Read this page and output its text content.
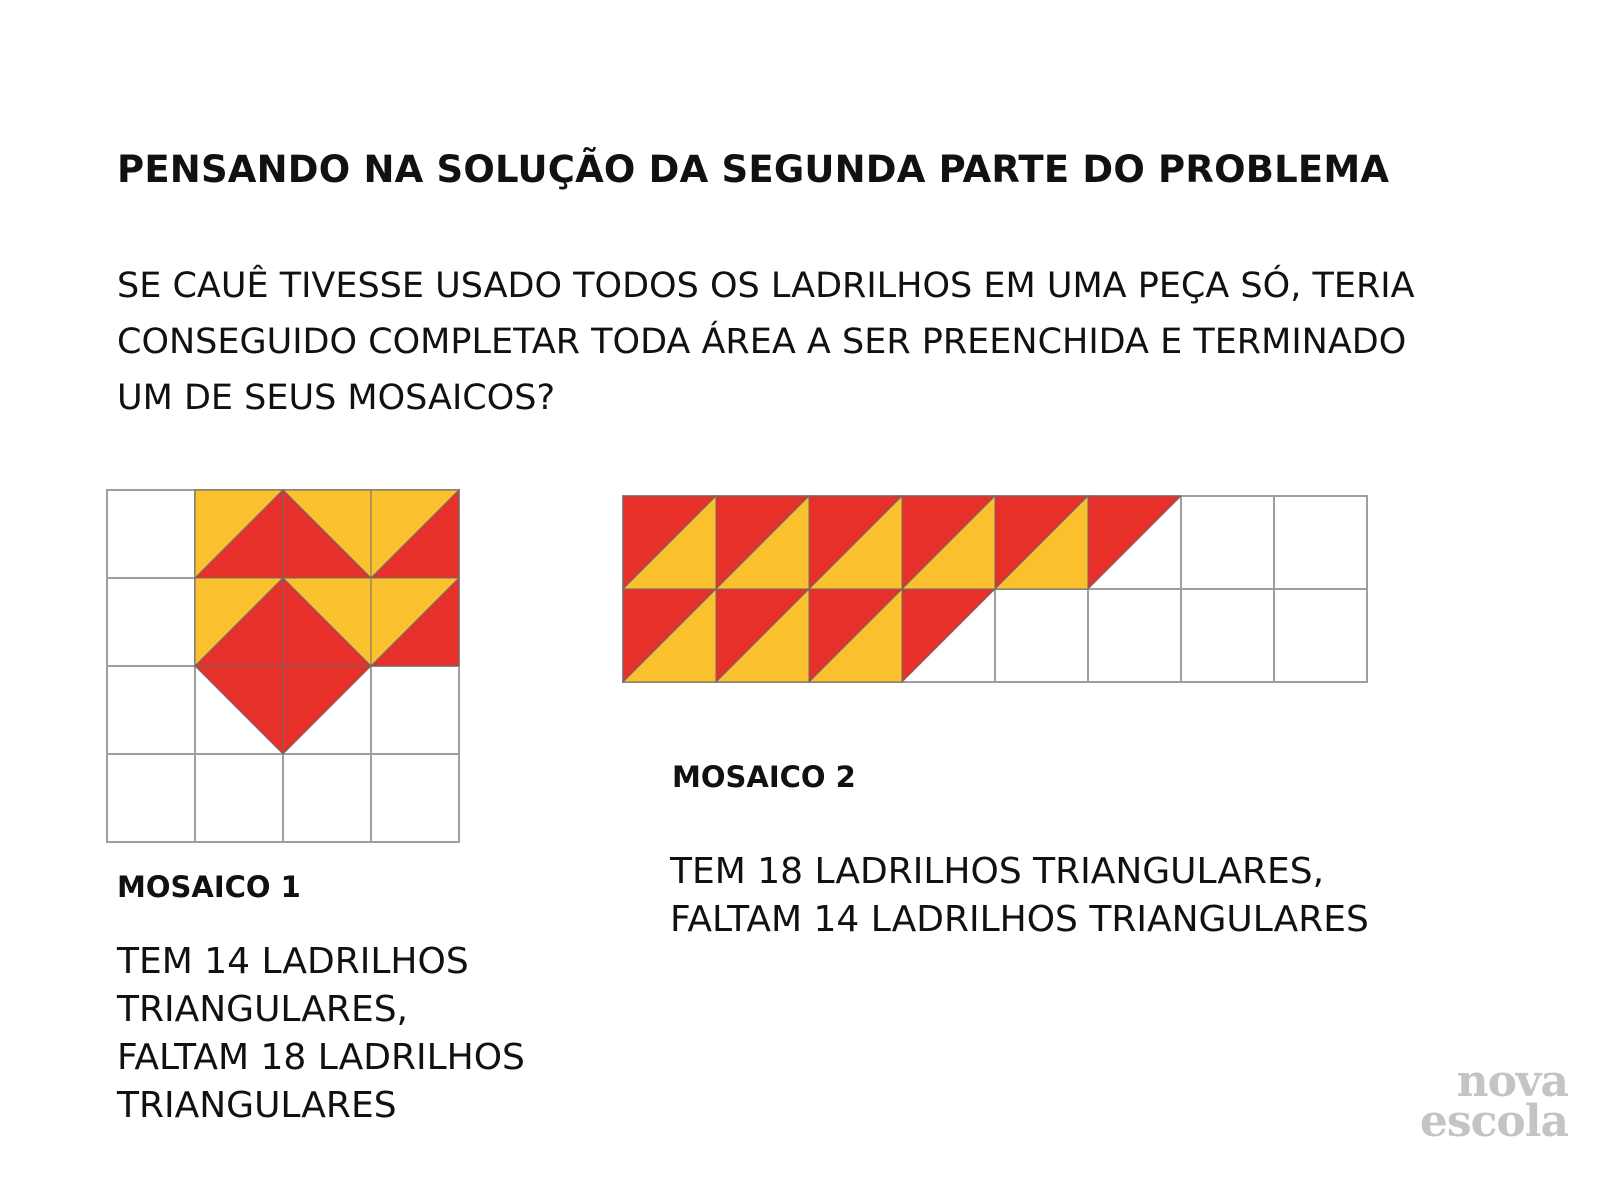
PENSANDO NA SOLUÇÃO DA SEGUNDA PARTE DO PROBLEMA
SE CAUÊ TIVESSE USADO TODOS OS LADRILHOS EM UMA PEÇA SÓ, TERIA
CONSEGUIDO COMPLETAR TODA ÁREA A SER PREENCHIDA E TERMINADO
UM DE SEUS MOSAICOS?
MOSAICO 1
TEM 14 LADRILHOS
TRIANGULARES,
FALTAM 18 LADRILHOS
TRIANGULARES
MOSAICO 2
TEM 18 LADRILHOS TRIANGULARES,
FALTAM 14 LADRILHOS TRIANGULARES
nova
escola
